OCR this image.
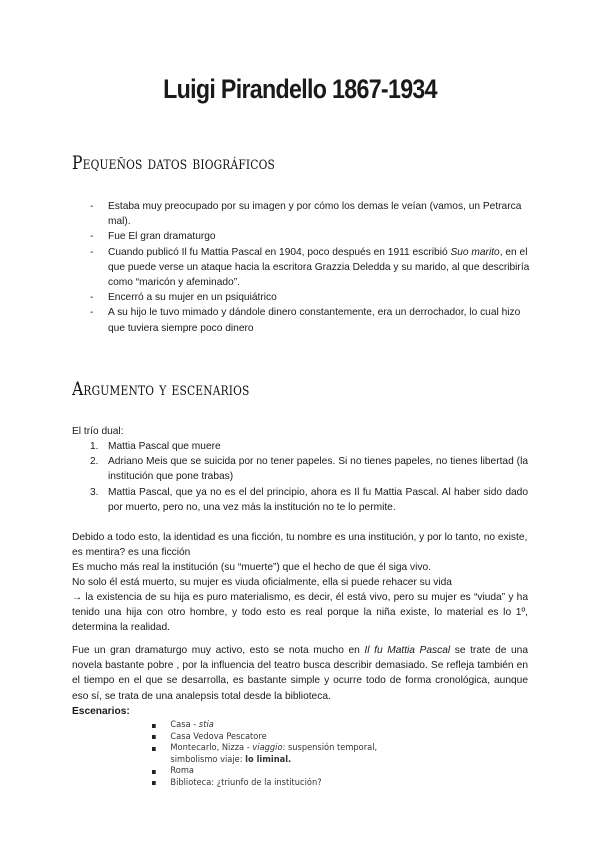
Luigi Pirandello 1867-1934
Pequeños datos biográficos
- Estaba muy preocupado por su imagen y por cómo los demas le veían (vamos, un Petrarca mal).
- Fue El gran dramaturgo
- Cuando publicó Il fu Mattia Pascal en 1904, poco después en 1911 escribió Suo marito, en el que puede verse un ataque hacia la escritora Grazzia Deledda y su marido, al que describiría como “maricón y afeminado”.
- Encerró a su mujer en un psiquiátrico
- A su hijo le tuvo mimado y dándole dinero constantemente, era un derrochador, lo cual hizo que tuviera siempre poco dinero
Argumento y escenarios

El trío dual:

1. Mattia Pascal que muere
2. Adriano Meis que se suicida por no tener papeles. Si no tienes papeles, no tienes libertad (la institución que pone trabas)
3. Mattia Pascal, que ya no es el del principio, ahora es Il fu Mattia Pascal. Al haber sido dado por muerto, pero no, una vez más la institución no te lo permite.

Debido a todo esto, la identidad es una ficción, tu nombre es una institución, y por lo tanto, no existe, es mentira? es una ficción

Es mucho más real la institución (su “muerte”) que el hecho de que él siga vivo.

No solo él está muerto, su mujer es viuda oficialmente, ella si puede rehacer su vida

→ la existencia de su hija es puro materialismo, es decir, él está vivo, pero su mujer es “viuda” y ha tenido una hija con otro hombre, y todo esto es real porque la niña existe, lo material es lo 1º, determina la realidad.

Fue un gran dramaturgo muy activo, esto se nota mucho en Il fu Mattia Pascal se trate de una novela bastante pobre , por la influencia del teatro busca describir demasiado. Se refleja también en el tiempo en el que se desarrolla, es bastante simple y ocurre todo de forma cronológica, aunque eso sí, se trata de una analepsis total desde la biblioteca.

Escenarios:

Casa - stia
Casa Vedova Pescatore
Montecarlo, Nizza - viaggio: suspensión temporal, simbolismo viaje: lo liminal.
Roma
Biblioteca: ¿triunfo de la institución?
